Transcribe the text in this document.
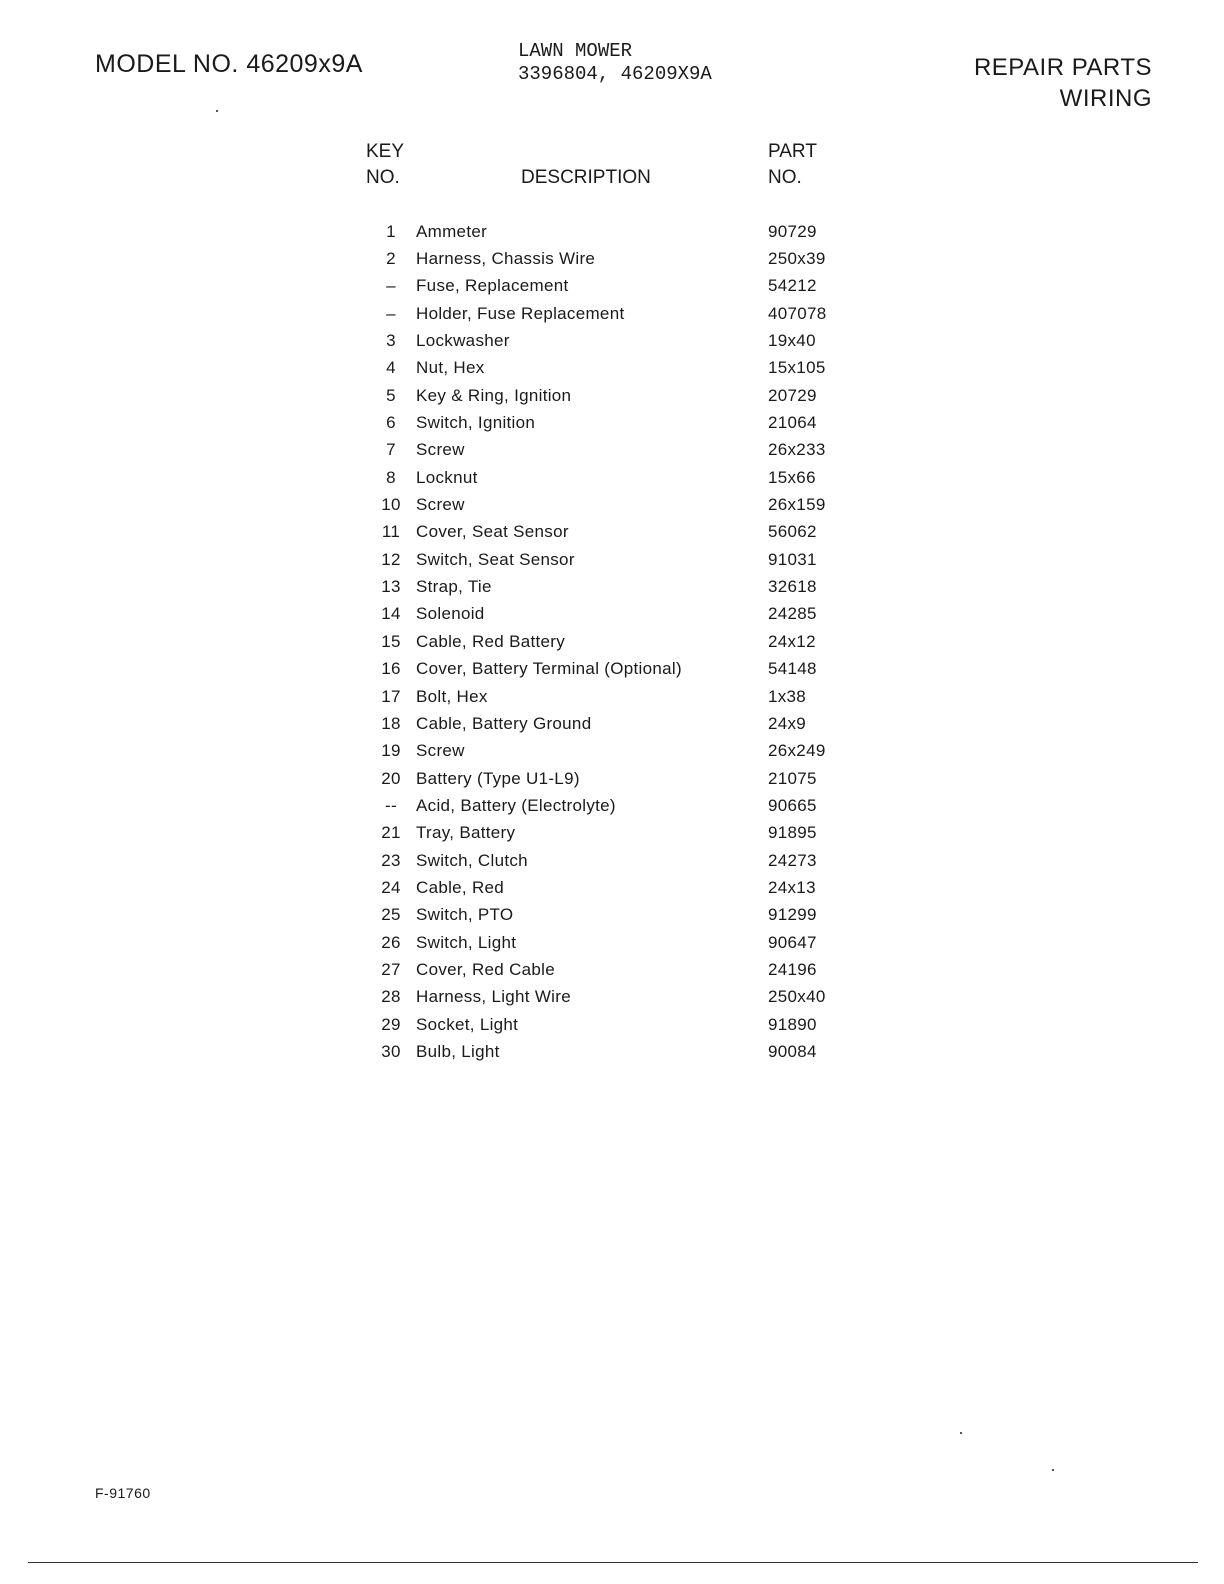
MODEL NO. 46209x9A	LAWN MOWER
3396804, 46209X9A	REPAIR PARTS
WIRING
KEY
NO.	DESCRIPTION
PART
NO.
1	Ammeter	90729
2	Harness, Chassis Wire	250x39
–	Fuse, Replacement	54212
–	Holder, Fuse Replacement	407078
3	Lockwasher	19x40
4	Nut, Hex	15x105
5	Key & Ring, Ignition	20729
6	Switch, Ignition	21064
7	Screw	26x233
8	Locknut	15x66
10 Screw	26x159
11 Cover, Seat Sensor	56062
12 Switch, Seat Sensor	91031
13 Strap, Tie	32618
14 Solenoid	24285
15 Cable, Red Battery	24x12
16 Cover, Battery Terminal (Optional)	54148
17 Bolt, Hex	1x38
18 Cable, Battery Ground	24x9
19 Screw	26x249
20 Battery (Type U1-L9)	21075
--	Acid, Battery (Electrolyte)	90665
21 Tray, Battery	91895
23 Switch, Clutch	24273
24 Cable, Red	24x13
25 Switch, PTO	91299
26 Switch, Light	90647
27 Cover, Red Cable	24196
28 Harness, Light Wire	250x40
29 Socket, Light	91890
30 Bulb, Light	90084
F-91760
